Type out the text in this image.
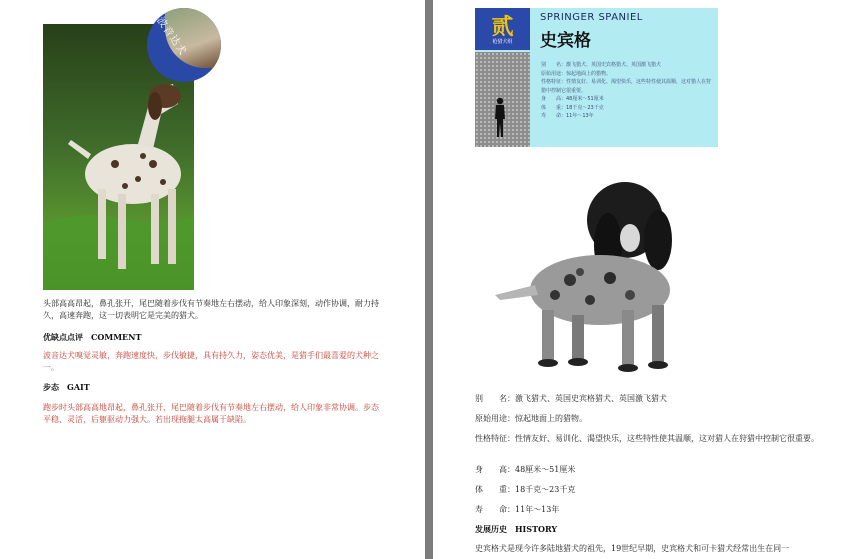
波音达犬
头部高高昂起，鼻孔张开，尾巴随着步伐有节奏地左右摆动，给人印象深刻，动作协调，耐力持久，高速奔跑，这一切表明它是完美的猎犬。
优缺点点评　COMMENT
波音达犬嗅觉灵敏，奔跑速度快，步伐敏捷，具有持久力，姿态优美，是猎手们最喜爱的犬种之一。
步态　GAIT
跑步时头部高高地昂起，鼻孔张开，尾巴随着步伐有节奏地左右摆动，给人印象非常协调。步态平稳、灵活，后躯驱动力强大。若出现拖腿太高属于缺陷。
贰
枪猎犬组
SPRINGER SPANIEL
史宾格
别　　名：激飞猎犬、英国史宾格猎犬、英国激飞猎犬
原始用途：惊起地面上的猎物。
性格特征：性情友好、易训化、渴望快乐，这些特性使其温顺，这对猎人在狩猎中控制它很重要。
身　　高：48厘米～51厘米
体　　重：18千克～23千克
寿　　命：11年～13年
别　　名：激飞猎犬、英国史宾格猎犬、英国激飞猎犬
原始用途：惊起地面上的猎物。
性格特征：性情友好、易训化、渴望快乐，这些特性使其温顺，这对猎人在狩猎中控制它很重要。
身　　高：48厘米～51厘米
体　　重：18千克～23千克
寿　　命：11年～13年
发展历史　HISTORY
史宾格犬是现今许多陆地猎犬的祖先，19世纪早期，史宾格犬和可卡猎犬经常出生在同一
